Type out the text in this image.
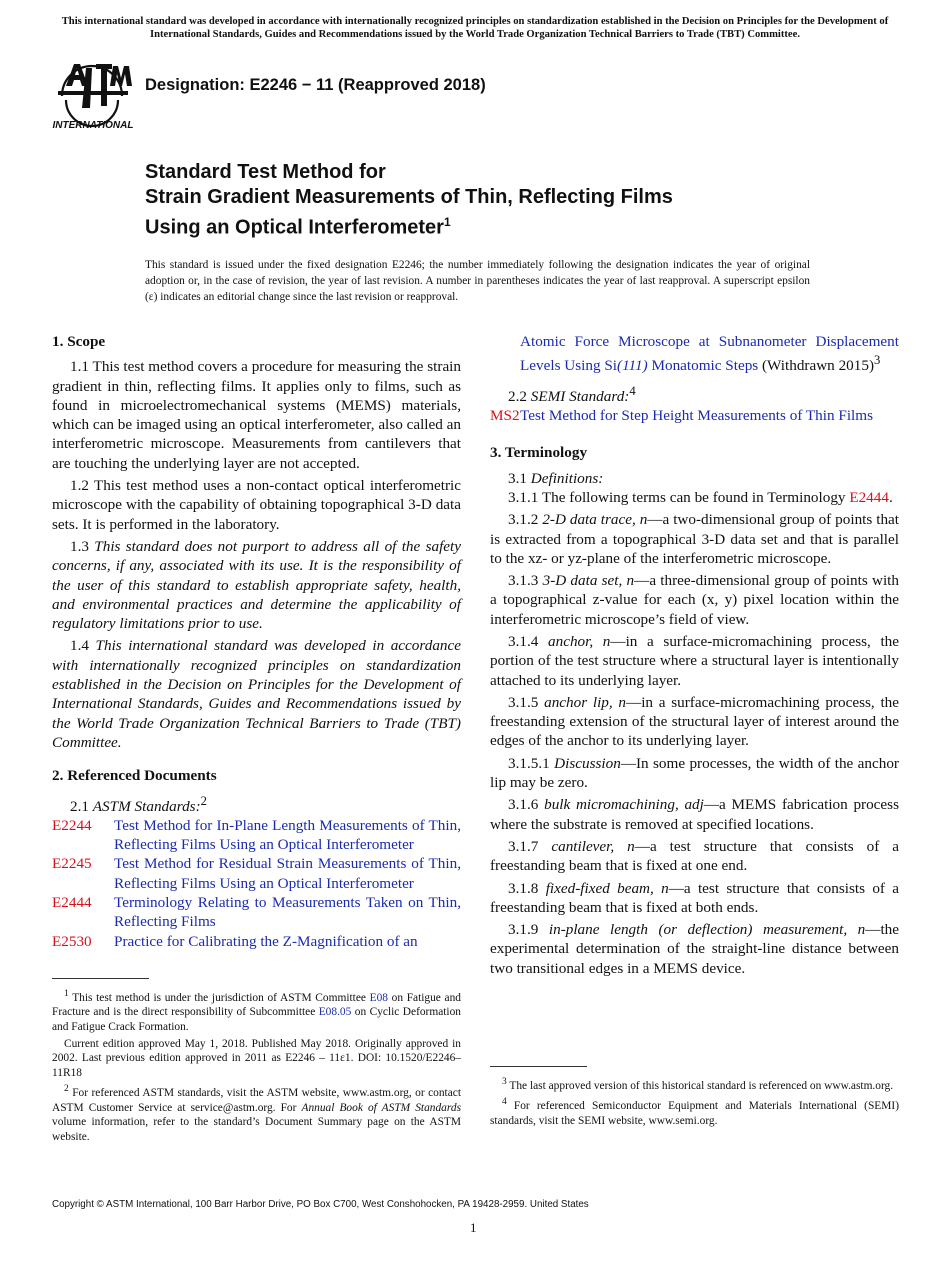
This international standard was developed in accordance with internationally recognized principles on standardization established in the Decision on Principles for the Development of International Standards, Guides and Recommendations issued by the World Trade Organization Technical Barriers to Trade (TBT) Committee.
INTERNATIONAL
Designation: E2246 − 11 (Reapproved 2018)
Standard Test Method for
Strain Gradient Measurements of Thin, Reflecting Films
Using an Optical Interferometer$^1$
This standard is issued under the fixed designation E2246; the number immediately following the designation indicates the year of original adoption or, in the case of revision, the year of last revision. A number in parentheses indicates the year of last reapproval. A superscript epsilon (ε) indicates an editorial change since the last revision or reapproval.
1. Scope

1.1 This test method covers a procedure for measuring the strain gradient in thin, reflecting films. It applies only to films, such as found in microelectromechanical systems (MEMS) materials, which can be imaged using an optical interferometer, also called an interferometric microscope. Measurements from cantilevers that are touching the underlying layer are not accepted.

1.2 This test method uses a non-contact optical interferometric microscope with the capability of obtaining topographical 3-D data sets. It is performed in the laboratory.

1.3 This standard does not purport to address all of the safety concerns, if any, associated with its use. It is the responsibility of the user of this standard to establish appropriate safety, health, and environmental practices and determine the applicability of regulatory limitations prior to use.

1.4 This international standard was developed in accordance with internationally recognized principles on standardization established in the Decision on Principles for the Development of International Standards, Guides and Recommendations issued by the World Trade Organization Technical Barriers to Trade (TBT) Committee.

2. Referenced Documents

2.1 ASTM Standards:$^2$

E2244 Test Method for In-Plane Length Measurements of Thin, Reflecting Films Using an Optical Interferometer
E2245 Test Method for Residual Strain Measurements of Thin, Reflecting Films Using an Optical Interferometer
E2444 Terminology Relating to Measurements Taken on Thin, Reflecting Films
E2530 Practice for Calibrating the Z-Magnification of an

$^1$ This test method is under the jurisdiction of ASTM Committee E08 on Fatigue and Fracture and is the direct responsibility of Subcommittee E08.05 on Cyclic Deformation and Fatigue Crack Formation.

Current edition approved May 1, 2018. Published May 2018. Originally approved in 2002. Last previous edition approved in 2011 as E2246 – 11ε1. DOI: 10.1520/E2246–11R18

$^2$ For referenced ASTM standards, visit the ASTM website, www.astm.org, or contact ASTM Customer Service at service@astm.org. For Annual Book of ASTM Standards volume information, refer to the standard’s Document Summary page on the ASTM website.

Atomic Force Microscope at Subnanometer Displacement Levels Using Si(111) Monatomic Steps (Withdrawn 2015)$^3$

2.2 SEMI Standard:$^4$

MS2Test Method for Step Height Measurements of Thin Films
3. Terminology

3.1 Definitions:

3.1.1 The following terms can be found in Terminology E2444.

3.1.2 2-D data trace, n—a two-dimensional group of points that is extracted from a topographical 3-D data set and that is parallel to the xz- or yz-plane of the interferometric microscope.

3.1.3 3-D data set, n—a three-dimensional group of points with a topographical z-value for each (x, y) pixel location within the interferometric microscope’s field of view.

3.1.4 anchor, n—in a surface-micromachining process, the portion of the test structure where a structural layer is intentionally attached to its underlying layer.

3.1.5 anchor lip, n—in a surface-micromachining process, the freestanding extension of the structural layer of interest around the edges of the anchor to its underlying layer.

3.1.5.1 Discussion—In some processes, the width of the anchor lip may be zero.

3.1.6 bulk micromachining, adj—a MEMS fabrication process where the substrate is removed at specified locations.

3.1.7 cantilever, n—a test structure that consists of a freestanding beam that is fixed at one end.

3.1.8 fixed-fixed beam, n—a test structure that consists of a freestanding beam that is fixed at both ends.

3.1.9 in-plane length (or deflection) measurement, n—the experimental determination of the straight-line distance between two transitional edges in a MEMS device.

$^3$ The last approved version of this historical standard is referenced on www.astm.org.

$^4$ For referenced Semiconductor Equipment and Materials International (SEMI) standards, visit the SEMI website, www.semi.org.

Copyright © ASTM International, 100 Barr Harbor Drive, PO Box C700, West Conshohocken, PA 19428-2959. United States
1
